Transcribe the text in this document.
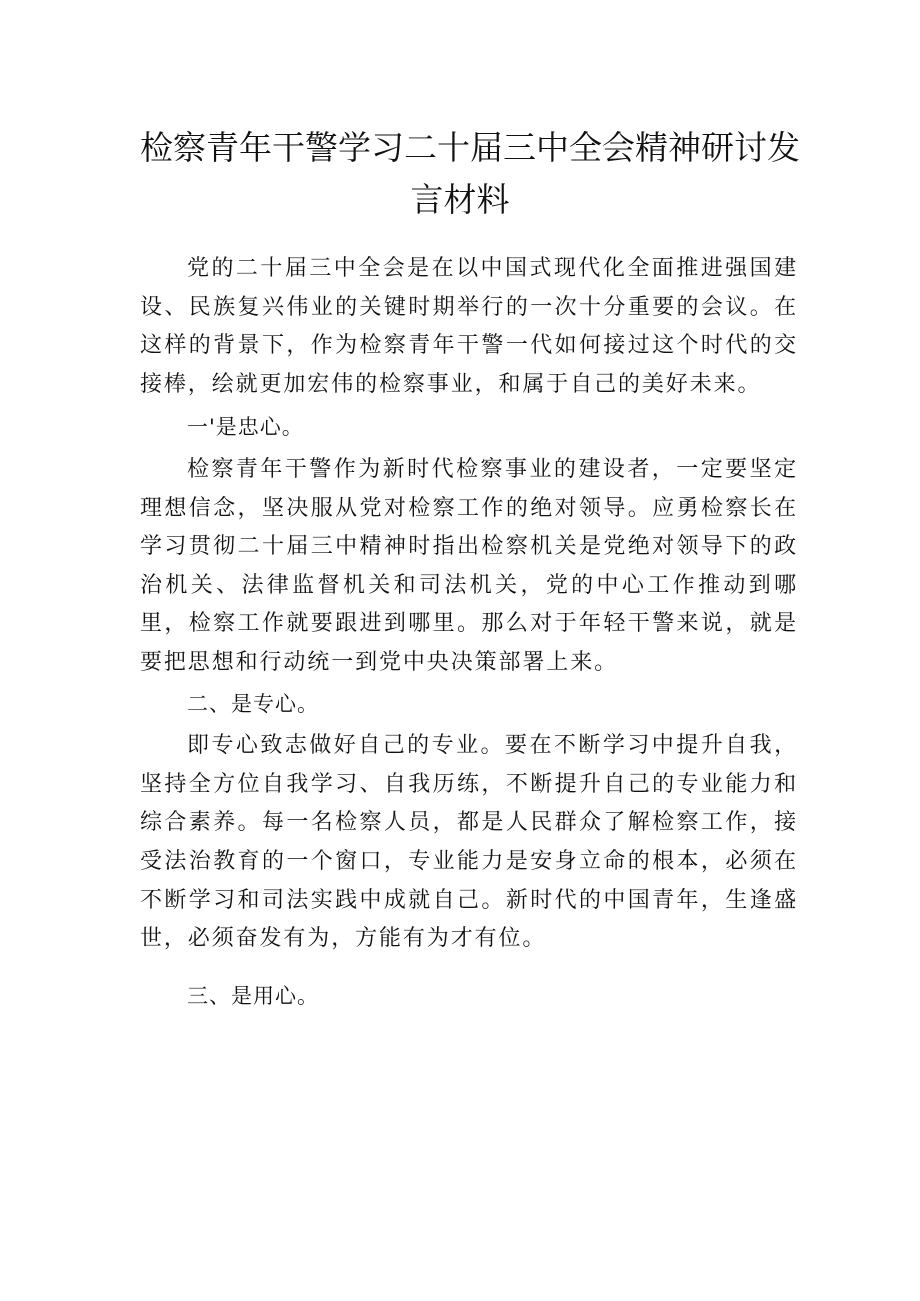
检察青年干警学习二十届三中全会精神研讨发
言材料

党的二十届三中全会是在以中国式现代化全面推进强国建设、民族复兴伟业的关键时期举行的一次十分重要的会议。在这样的背景下，作为检察青年干警一代如何接过这个时代的交接棒，绘就更加宏伟的检察事业，和属于自己的美好未来。

一'是忠心。

检察青年干警作为新时代检察事业的建设者，一定要坚定理想信念，坚决服从党对检察工作的绝对领导。应勇检察长在学习贯彻二十届三中精神时指出检察机关是党绝对领导下的政治机关、法律监督机关和司法机关，党的中心工作推动到哪里，检察工作就要跟进到哪里。那么对于年轻干警来说，就是要把思想和行动统一到党中央决策部署上来。

二、是专心。

即专心致志做好自己的专业。要在不断学习中提升自我，坚持全方位自我学习、自我历练，不断提升自己的专业能力和综合素养。每一名检察人员，都是人民群众了解检察工作，接受法治教育的一个窗口，专业能力是安身立命的根本，必须在不断学习和司法实践中成就自己。新时代的中国青年，生逢盛世，必须奋发有为，方能有为才有位。

三、是用心。
